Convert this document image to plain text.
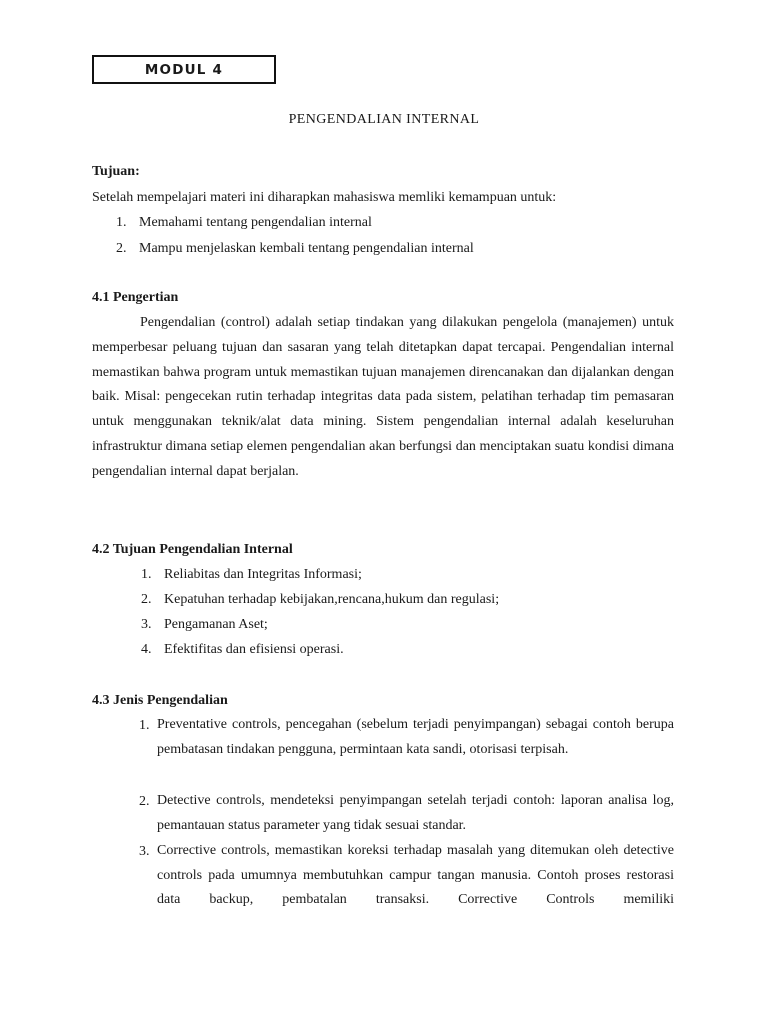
MODUL 4
PENGENDALIAN INTERNAL
Tujuan:
Setelah mempelajari materi ini diharapkan mahasiswa memliki kemampuan untuk:
1. Memahami tentang pengendalian internal
2. Mampu menjelaskan kembali tentang pengendalian internal
4.1 Pengertian
Pengendalian (control) adalah setiap tindakan yang dilakukan pengelola (manajemen) untuk memperbesar peluang tujuan dan sasaran yang telah ditetapkan dapat tercapai. Pengendalian internal memastikan bahwa program untuk memastikan tujuan manajemen direncanakan dan dijalankan dengan baik. Misal: pengecekan rutin terhadap integritas data pada sistem, pelatihan terhadap tim pemasaran untuk menggunakan teknik/alat data mining. Sistem pengendalian internal adalah keseluruhan infrastruktur dimana setiap elemen pengendalian akan berfungsi dan menciptakan suatu kondisi dimana pengendalian internal dapat berjalan.
4.2 Tujuan Pengendalian Internal
1. Reliabitas dan Integritas Informasi;
2. Kepatuhan terhadap kebijakan,rencana,hukum dan regulasi;
3. Pengamanan Aset;
4. Efektifitas dan efisiensi operasi.
4.3 Jenis Pengendalian
1. Preventative controls, pencegahan (sebelum terjadi penyimpangan) sebagai contoh berupa pembatasan tindakan pengguna, permintaan kata sandi, otorisasi terpisah.
2. Detective controls, mendeteksi penyimpangan setelah terjadi contoh: laporan analisa log, pemantauan status parameter yang tidak sesuai standar.
3. Corrective controls, memastikan koreksi terhadap masalah yang ditemukan oleh detective controls pada umumnya membutuhkan campur tangan manusia. Contoh proses restorasi data backup, pembatalan transaksi. Corrective Controls memiliki
